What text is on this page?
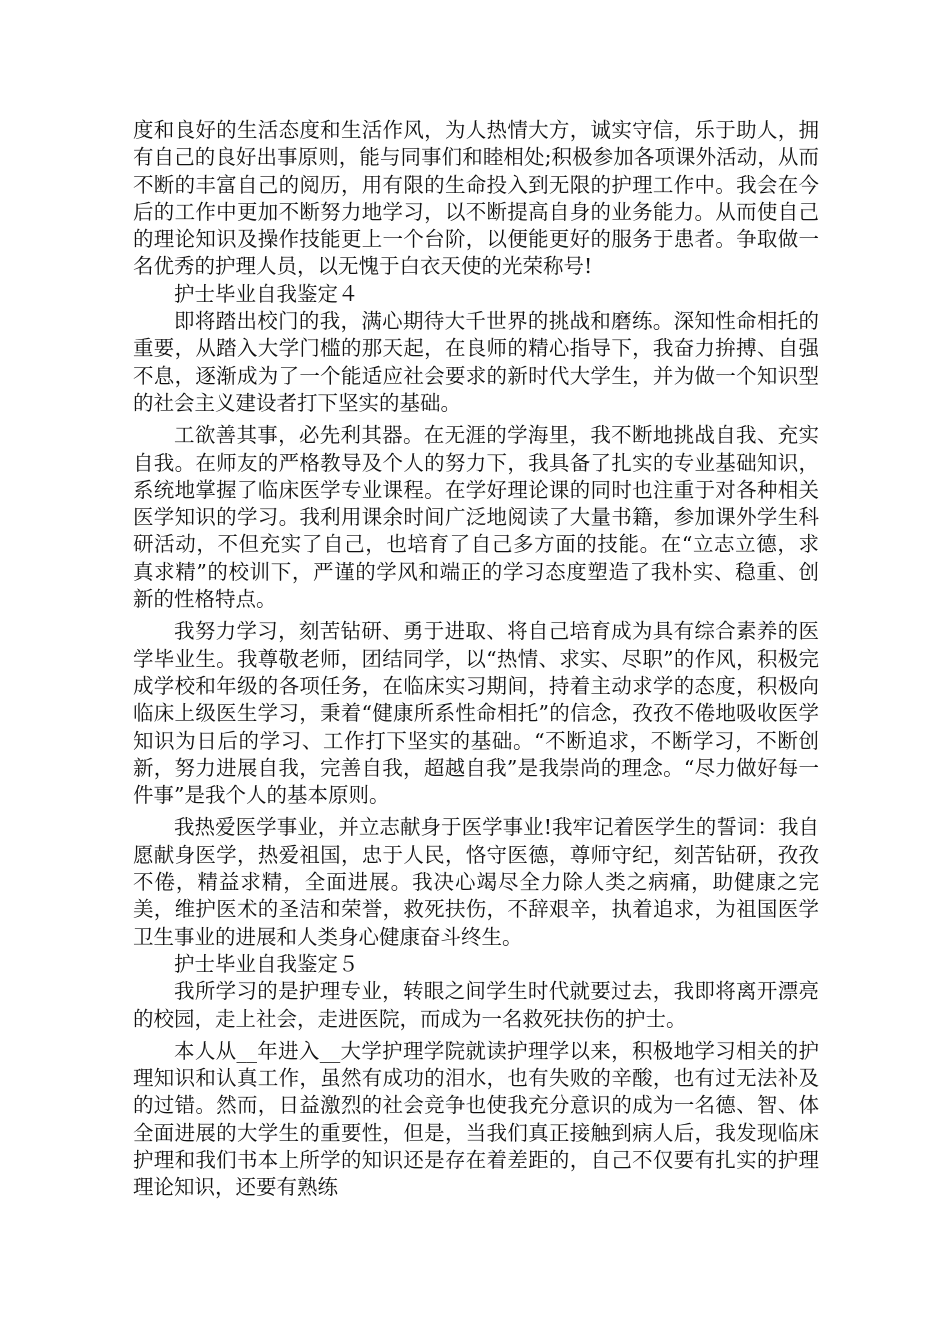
度和良好的生活态度和生活作风，为人热情大方，诚实守信，乐于助人，拥有自己的良好出事原则，能与同事们和睦相处;积极参加各项课外活动，从而不断的丰富自己的阅历，用有限的生命投入到无限的护理工作中。我会在今后的工作中更加不断努力地学习，以不断提高自身的业务能力。从而使自己的理论知识及操作技能更上一个台阶，以便能更好的服务于患者。争取做一名优秀的护理人员，以无愧于白衣天使的光荣称号!

护士毕业自我鉴定４

即将踏出校门的我，满心期待大千世界的挑战和磨练。深知性命相托的重要，从踏入大学门槛的那天起，在良师的精心指导下，我奋力拚搏、自强不息，逐渐成为了一个能适应社会要求的新时代大学生，并为做一个知识型的社会主义建设者打下坚实的基础。

工欲善其事，必先利其器。在无涯的学海里，我不断地挑战自我、充实自我。在师友的严格教导及个人的努力下，我具备了扎实的专业基础知识，系统地掌握了临床医学专业课程。在学好理论课的同时也注重于对各种相关医学知识的学习。我利用课余时间广泛地阅读了大量书籍，参加课外学生科研活动，不但充实了自己，也培育了自己多方面的技能。在“立志立德，求真求精”的校训下，严谨的学风和端正的学习态度塑造了我朴实、稳重、创新的性格特点。

我努力学习，刻苦钻研、勇于进取、将自己培育成为具有综合素养的医学毕业生。我尊敬老师，团结同学，以“热情、求实、尽职”的作风，积极完成学校和年级的各项任务，在临床实习期间，持着主动求学的态度，积极向临床上级医生学习，秉着“健康所系性命相托”的信念，孜孜不倦地吸收医学知识为日后的学习、工作打下坚实的基础。“不断追求，不断学习，不断创新，努力进展自我，完善自我，超越自我”是我崇尚的理念。“尽力做好每一件事”是我个人的基本原则。

我热爱医学事业，并立志献身于医学事业!我牢记着医学生的誓词：我自愿献身医学，热爱祖国，忠于人民，恪守医德，尊师守纪，刻苦钻研，孜孜不倦，精益求精，全面进展。我决心竭尽全力除人类之病痛，助健康之完美，维护医术的圣洁和荣誉，救死扶伤，不辞艰辛，执着追求，为祖国医学卫生事业的进展和人类身心健康奋斗终生。

护士毕业自我鉴定５

我所学习的是护理专业，转眼之间学生时代就要过去，我即将离开漂亮的校园，走上社会，走进医院，而成为一名救死扶伤的护士。

本人从__年进入__大学护理学院就读护理学以来，积极地学习相关的护理知识和认真工作，虽然有成功的泪水，也有失败的辛酸，也有过无法补及的过错。然而，日益激烈的社会竞争也使我充分意识的成为一名德、智、体全面进展的大学生的重要性，但是，当我们真正接触到病人后，我发现临床护理和我们书本上所学的知识还是存在着差距的，自己不仅要有扎实的护理理论知识，还要有熟练
